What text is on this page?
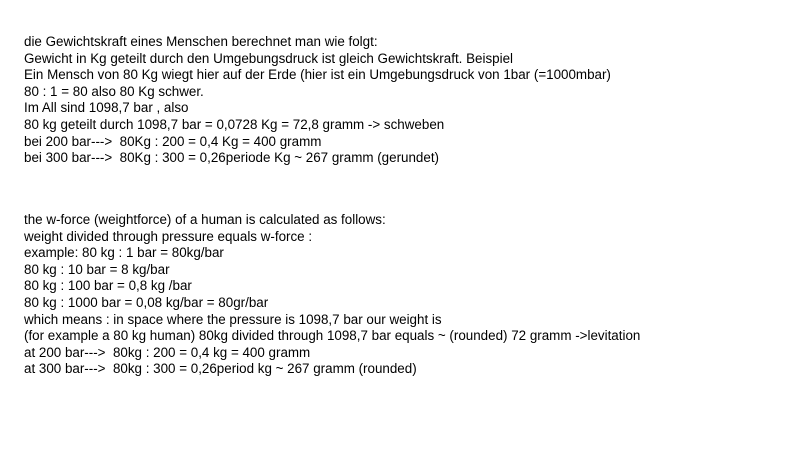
die Gewichtskraft eines Menschen berechnet man wie folgt:
Gewicht in Kg geteilt durch den Umgebungsdruck ist gleich Gewichtskraft. Beispiel
Ein Mensch von 80 Kg wiegt hier auf der Erde (hier ist ein Umgebungsdruck von 1bar (=1000mbar)
80 : 1 = 80 also 80 Kg schwer.
Im All sind 1098,7 bar , also
80 kg geteilt durch 1098,7 bar = 0,0728 Kg = 72,8 gramm -> schweben
bei 200 bar--->  80Kg : 200 = 0,4 Kg = 400 gramm
bei 300 bar--->  80Kg : 300 = 0,26periode Kg ~ 267 gramm (gerundet)
the w-force (weightforce) of a human is calculated as follows:
weight divided through pressure equals w-force :
example: 80 kg : 1 bar = 80kg/bar
80 kg : 10 bar = 8 kg/bar
80 kg : 100 bar = 0,8 kg /bar
80 kg : 1000 bar = 0,08 kg/bar = 80gr/bar
which means : in space where the pressure is 1098,7 bar our weight is
(for example a 80 kg human) 80kg divided through 1098,7 bar equals ~ (rounded) 72 gramm ->levitation
at 200 bar--->  80kg : 200 = 0,4 kg = 400 gramm
at 300 bar--->  80kg : 300 = 0,26period kg ~ 267 gramm (rounded)
